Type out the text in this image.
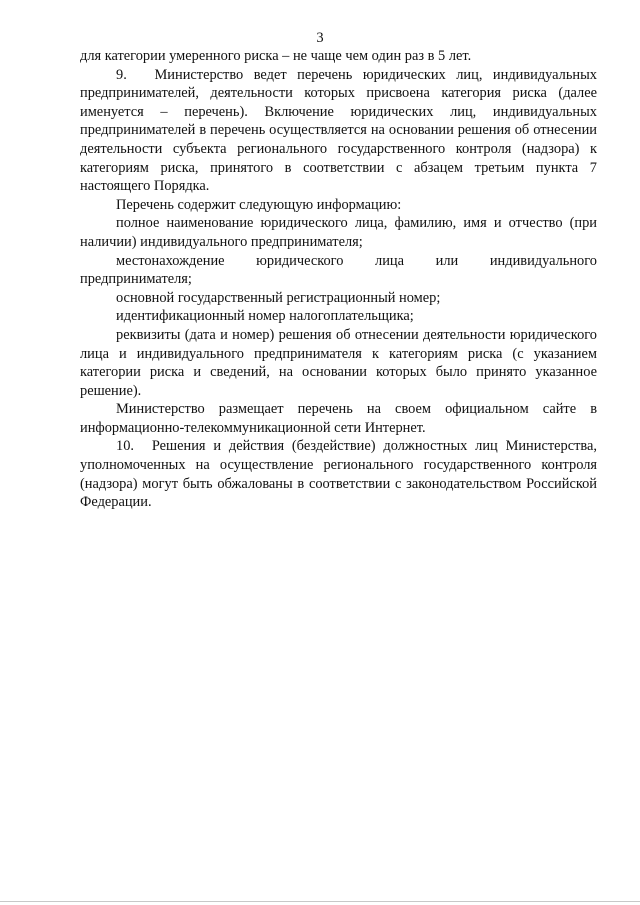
3

для категории умеренного риска – не чаще чем один раз в 5 лет.

9. Министерство ведет перечень юридических лиц, индивидуальных предпринимателей, деятельности которых присвоена категория риска (далее именуется – перечень). Включение юридических лиц, индивидуальных предпринимателей в перечень осуществляется на основании решения об отнесении деятельности субъекта регионального государственного контроля (надзора) к категориям риска, принятого в соответствии с абзацем третьим пункта 7 настоящего Порядка.

Перечень содержит следующую информацию:

полное наименование юридического лица, фамилию, имя и отчество (при наличии) индивидуального предпринимателя;

местонахождение юридического лица или индивидуального предпринимателя;

основной государственный регистрационный номер;

идентификационный номер налогоплательщика;

реквизиты (дата и номер) решения об отнесении деятельности юридического лица и индивидуального предпринимателя к категориям риска (с указанием категории риска и сведений, на основании которых было принято указанное решение).

Министерство размещает перечень на своем официальном сайте в информационно-телекоммуникационной сети Интернет.

10. Решения и действия (бездействие) должностных лиц Министерства, уполномоченных на осуществление регионального государственного контроля (надзора) могут быть обжалованы в соответствии с законодательством Российской Федерации.
